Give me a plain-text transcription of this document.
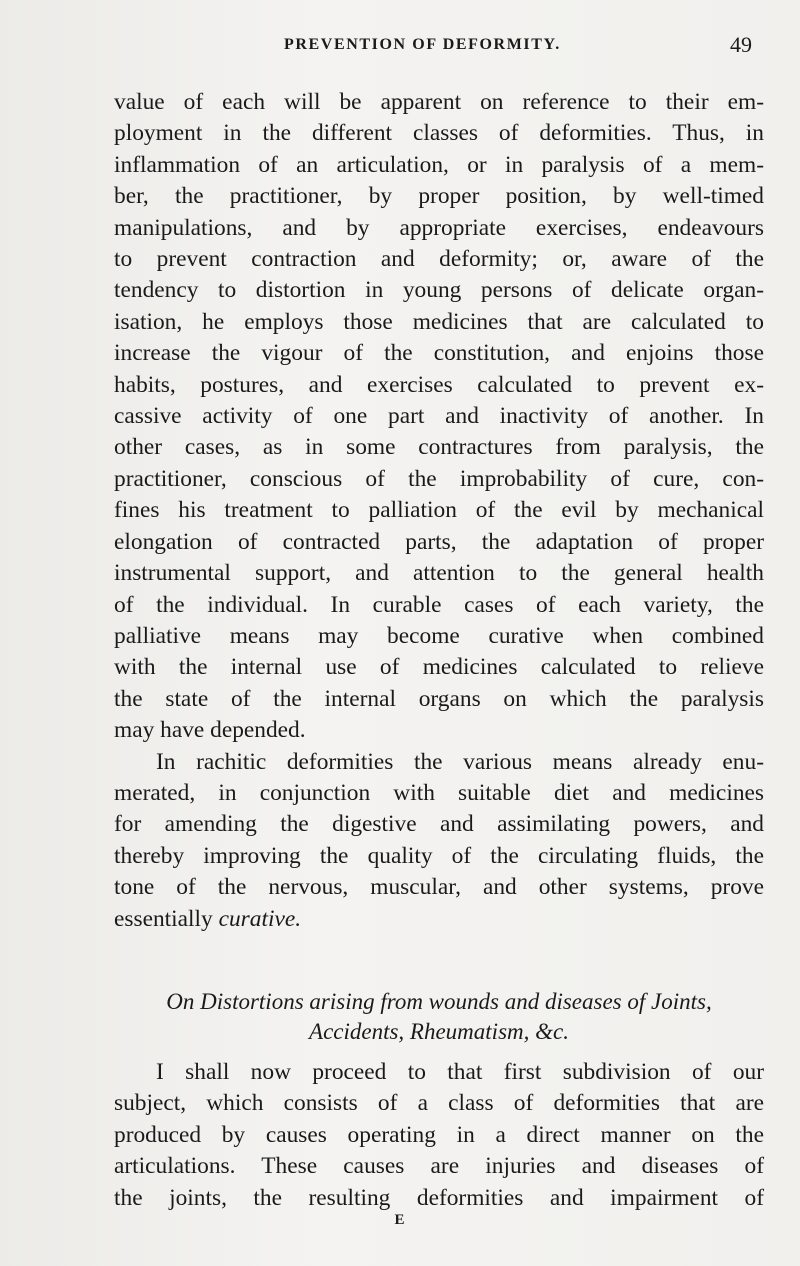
PREVENTION OF DEFORMITY.	49

value of each will be apparent on reference to their em-
ployment in the different classes of deformities. Thus, in
inflammation of an articulation, or in paralysis of a mem-
ber, the practitioner, by proper position, by well-timed
manipulations, and by appropriate exercises, endeavours
to prevent contraction and deformity; or, aware of the
tendency to distortion in young persons of delicate organ-
isation, he employs those medicines that are calculated to
increase the vigour of the constitution, and enjoins those
habits, postures, and exercises calculated to prevent ex-
cassive activity of one part and inactivity of another. In
other cases, as in some contractures from paralysis, the
practitioner, conscious of the improbability of cure, con-
fines his treatment to palliation of the evil by mechanical
elongation of contracted parts, the adaptation of proper
instrumental support, and attention to the general health
of the individual. In curable cases of each variety, the
palliative means may become curative when combined
with the internal use of medicines calculated to relieve
the state of the internal organs on which the paralysis
may have depended.

In rachitic deformities the various means already enu-
merated, in conjunction with suitable diet and medicines
for amending the digestive and assimilating powers, and
thereby improving the quality of the circulating fluids, the
tone of the nervous, muscular, and other systems, prove
essentially curative.

On Distortions arising from wounds and diseases of Joints,
Accidents, Rheumatism, &c.

I shall now proceed to that first subdivision of our
subject, which consists of a class of deformities that are
produced by causes operating in a direct manner on the
articulations. These causes are injuries and diseases of
the joints, the resulting deformities and impairment of

E
